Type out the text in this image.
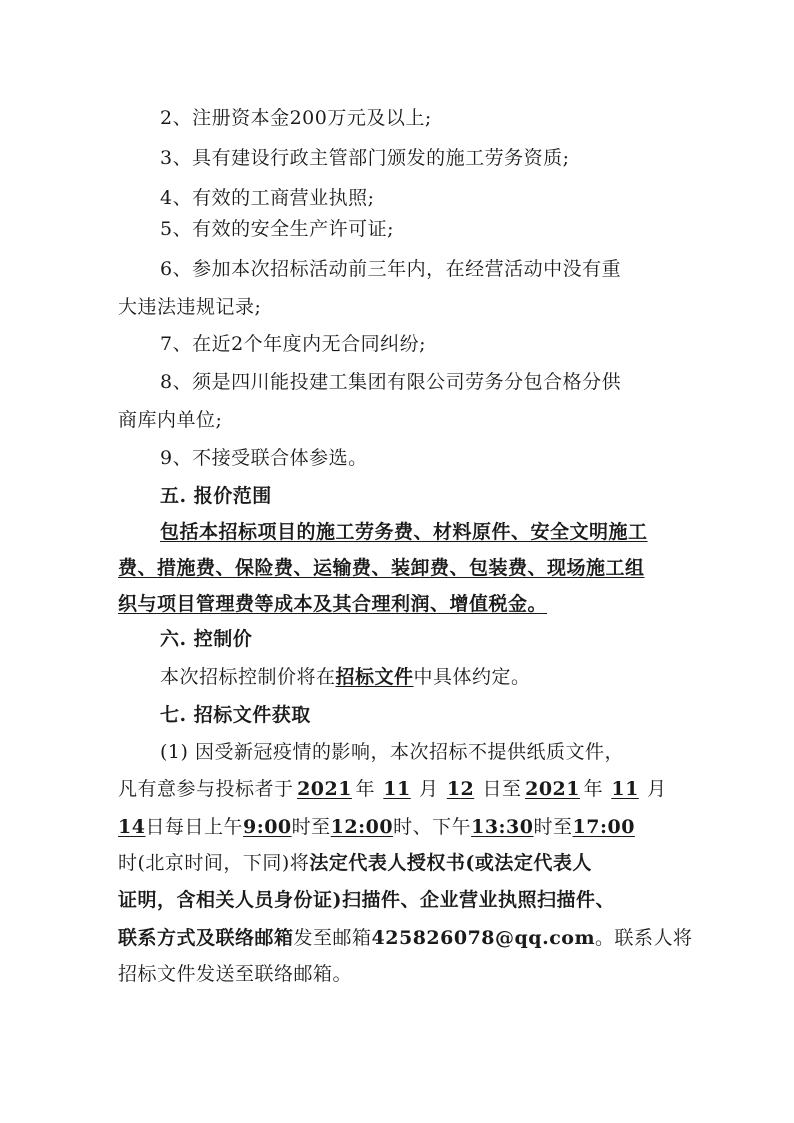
2、注册资本金200万元及以上;
3、具有建设行政主管部门颁发的施工劳务资质;
4、有效的工商营业执照;
5、有效的安全生产许可证;
6、参加本次招标活动前三年内，在经营活动中没有重
大违法违规记录;
7、在近2个年度内无合同纠纷;
8、须是四川能投建工集团有限公司劳务分包合格分供
商库内单位;
9、不接受联合体参选。
五. 报价范围
包括本招标项目的施工劳务费、材料原件、安全文明施工
费、措施费、保险费、运输费、装卸费、包装费、现场施工组
织与项目管理费等成本及其合理利润、增值税金。
六. 控制价
本次招标控制价将在招标文件中具体约定。
七. 招标文件获取
(1) 因受新冠疫情的影响，本次招标不提供纸质文件，
凡有意参与投标者于 2021 年 11 月 12 日至 2021 年 11 月
14日每日上午9:00时至12:00时、下午13:30时至17:00
时(北京时间，下同)将法定代表人授权书(或法定代表人
证明，含相关人员身份证)扫描件、企业营业执照扫描件、
联系方式及联络邮箱发至邮箱425826078@qq.com。联系人将
招标文件发送至联络邮箱。
